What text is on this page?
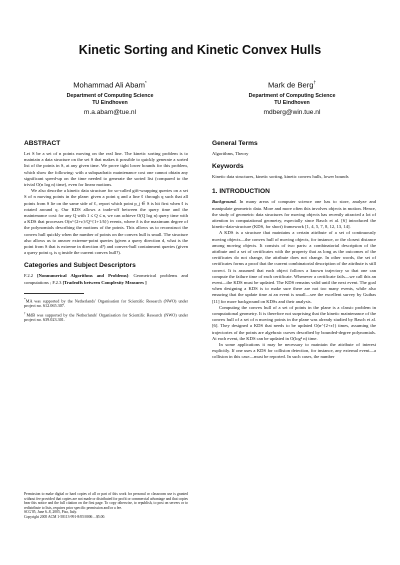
Kinetic Sorting and Kinetic Convex Hulls
Mohammad Ali Abam*
Department of Computing Science
TU Eindhoven
m.a.abam@tue.nl
Mark de Berg†
Department of Computing Science
TU Eindhoven
mdberg@win.tue.nl
ABSTRACT

Let S be a set of n points moving on the real line. The kinetic sorting problem is to maintain a data structure on the set S that makes it possible to quickly generate a sorted list of the points in S, at any given time. We prove tight lower bounds for this problem, which show the following: with a subquadratic maintenance cost one cannot obtain any significant speed-up on the time needed to generate the sorted list (compared to the trivial O(n log n) time), even for linear motions.

We also describe a kinetic data structure for so-called gift-wrapping queries on a set S of n moving points in the plane: given a point q and a line ℓ through q such that all points from S lie on the same side of ℓ, report which point p_j ∈ S is hit first when ℓ is rotated around q. Our KDS allows a trade-off between the query time and the maintenance cost: for any Q with 1 ≤ Q ≤ n, we can achieve O(Q log n) query time with a KDS that processes O(n^{2+ε}/Q^{1+1/δ}) events, where δ is the maximum degree of the polynomials describing the motions of the points. This allows us to reconstruct the convex hull quickly when the number of points on the convex hull is small. The structure also allows us to answer extreme-point queries (given a query direction d, what is the point from S that is extreme in direction d?) and convex-hull containment queries (given a query point q, is q inside the current convex hull?).

Categories and Subject Descriptors

F.2.2 [Nonnumerical Algorithms and Problems]: Geometrical problems and computations ; F.2.3 [Tradeoffs between Complexity Measures ]

*MA was supported by the Netherlands' Organisation for Scientific Research (NWO) under project no. 612.065.307.
†MdB was supported by the Netherlands' Organisation for Scientific Research (NWO) under project no. 639.023.301.

Permission to make digital or hard copies of all or part of this work for personal or classroom use is granted without fee provided that copies are not made or distributed for profit or commercial advantage and that copies bear this notice and the full citation on the first page. To copy otherwise, to republish, to post on servers or to redistribute to lists, requires prior specific permission and/or a fee.

SCG'05, June 6–8, 2005, Pisa, Italy.

Copyright 2005 ACM 1-58113-991-8/05/0006 ...$5.00.

General Terms

Algorithms, Theory

Keywords

Kinetic data structures, kinetic sorting, kinetic convex hulls, lower bounds

1. INTRODUCTION

Background. In many areas of computer science one has to store, analyze and manipulate geometric data. More and more often this involves objects in motion. Hence, the study of geometric data structures for moving objects has recently attracted a lot of attention in computational geometry, especially since Basch et al. [6] introduced the kinetic-data-structure (KDS, for short) framework [1, 4, 5, 7, 8, 12, 13, 14].

A KDS is a structure that maintains a certain attribute of a set of continuously moving objects—the convex hull of moving objects, for instance, or the closest distance among moving objects. It consists of two parts: a combinatorial description of the attribute and a set of certificates with the property that as long as the outcomes of the certificates do not change, the attribute does not change. In other words, the set of certificates forms a proof that the current combinatorial description of the attribute is still correct. It is assumed that each object follows a known trajectory so that one can compute the failure time of each certificate. Whenever a certificate fails—we call this an event—the KDS must be updated. The KDS remains valid until the next event. The goal when designing a KDS is to make sure there are not too many events, while also ensuring that the update time at an event is small—see the excellent survey by Guibas [11] for more background on KDSs and their analysis.

Computing the convex hull of a set of points in the plane is a classic problem in computational geometry. It is therefore not surprising that the kinetic maintenance of the convex hull of a set of n moving points in the plane was already studied by Basch et al. [6]. They designed a KDS that needs to be updated O(n^{2+ε}) times, assuming the trajectories of the points are algebraic curves described by bounded-degree polynomials. At each event, the KDS can be updated in O(log² n) time.

In some applications it may be necessary to maintain the attribute of interest explicitly. If one uses a KDS for collision detection, for instance, any external event—a collision in this case—must be reported. In such cases, the number
